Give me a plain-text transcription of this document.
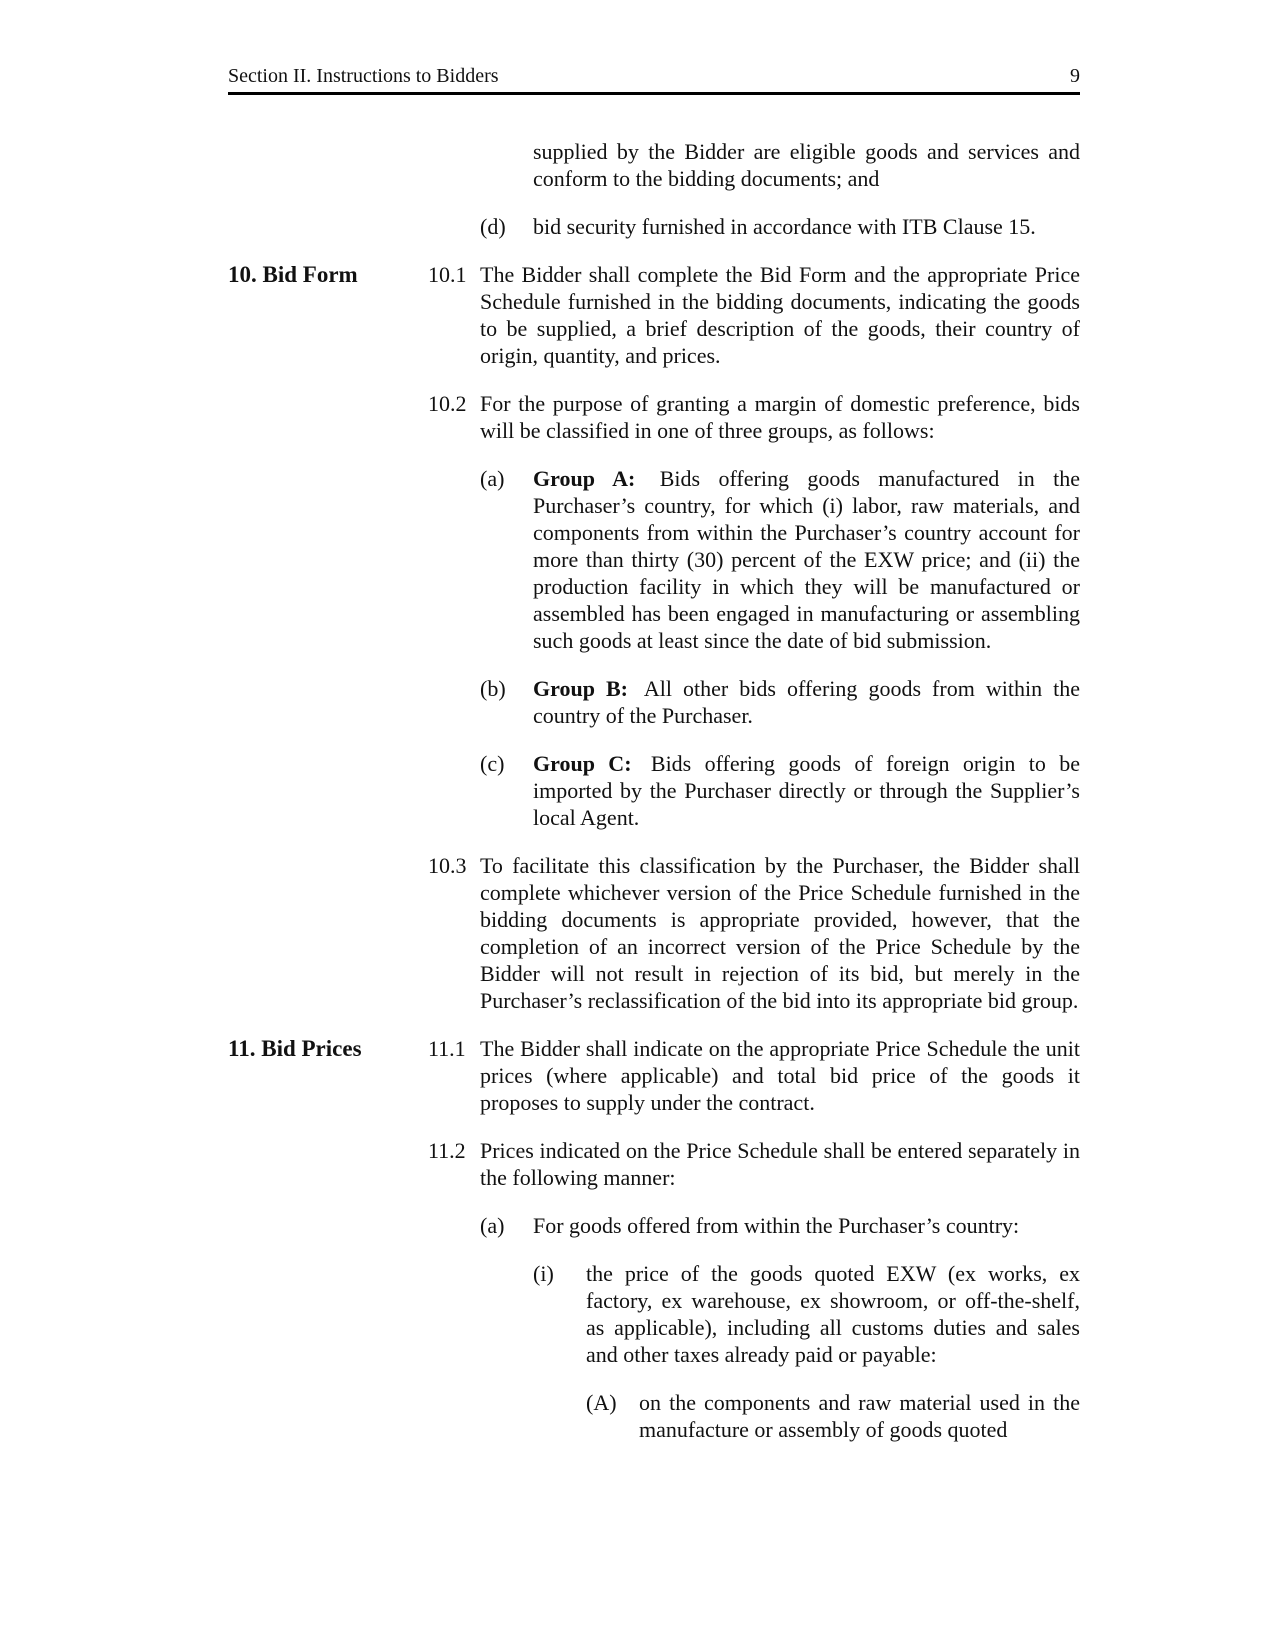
Section II. Instructions to Bidders	9
supplied by the Bidder are eligible goods and services and conform to the bidding documents; and
(d)	bid security furnished in accordance with ITB Clause 15.
10. Bid Form	10.1 The Bidder shall complete the Bid Form and the appropriate Price Schedule furnished in the bidding documents, indicating the goods to be supplied, a brief description of the goods, their country of origin, quantity, and prices.
10.2 For the purpose of granting a margin of domestic preference, bids will be classified in one of three groups, as follows:
(a)	Group A: Bids offering goods manufactured in the Purchaser’s country, for which (i) labor, raw materials, and components from within the Purchaser’s country account for more than thirty (30) percent of the EXW price; and (ii) the production facility in which they will be manufactured or assembled has been engaged in manufacturing or assembling such goods at least since the date of bid submission.
(b)	Group B: All other bids offering goods from within the country of the Purchaser.
(c)	Group C: Bids offering goods of foreign origin to be imported by the Purchaser directly or through the Supplier’s local Agent.
10.3 To facilitate this classification by the Purchaser, the Bidder shall complete whichever version of the Price Schedule furnished in the bidding documents is appropriate provided, however, that the completion of an incorrect version of the Price Schedule by the Bidder will not result in rejection of its bid, but merely in the Purchaser’s reclassification of the bid into its appropriate bid group.
11. Bid Prices	11.1 The Bidder shall indicate on the appropriate Price Schedule the unit prices (where applicable) and total bid price of the goods it proposes to supply under the contract.
11.2 Prices indicated on the Price Schedule shall be entered separately in the following manner:
(a)	For goods offered from within the Purchaser’s country:
(i)	the price of the goods quoted EXW (ex works, ex factory, ex warehouse, ex showroom, or off-the-shelf, as applicable), including all customs duties and sales and other taxes already paid or payable:
(A)	on the components and raw material used in the manufacture or assembly of goods quoted
